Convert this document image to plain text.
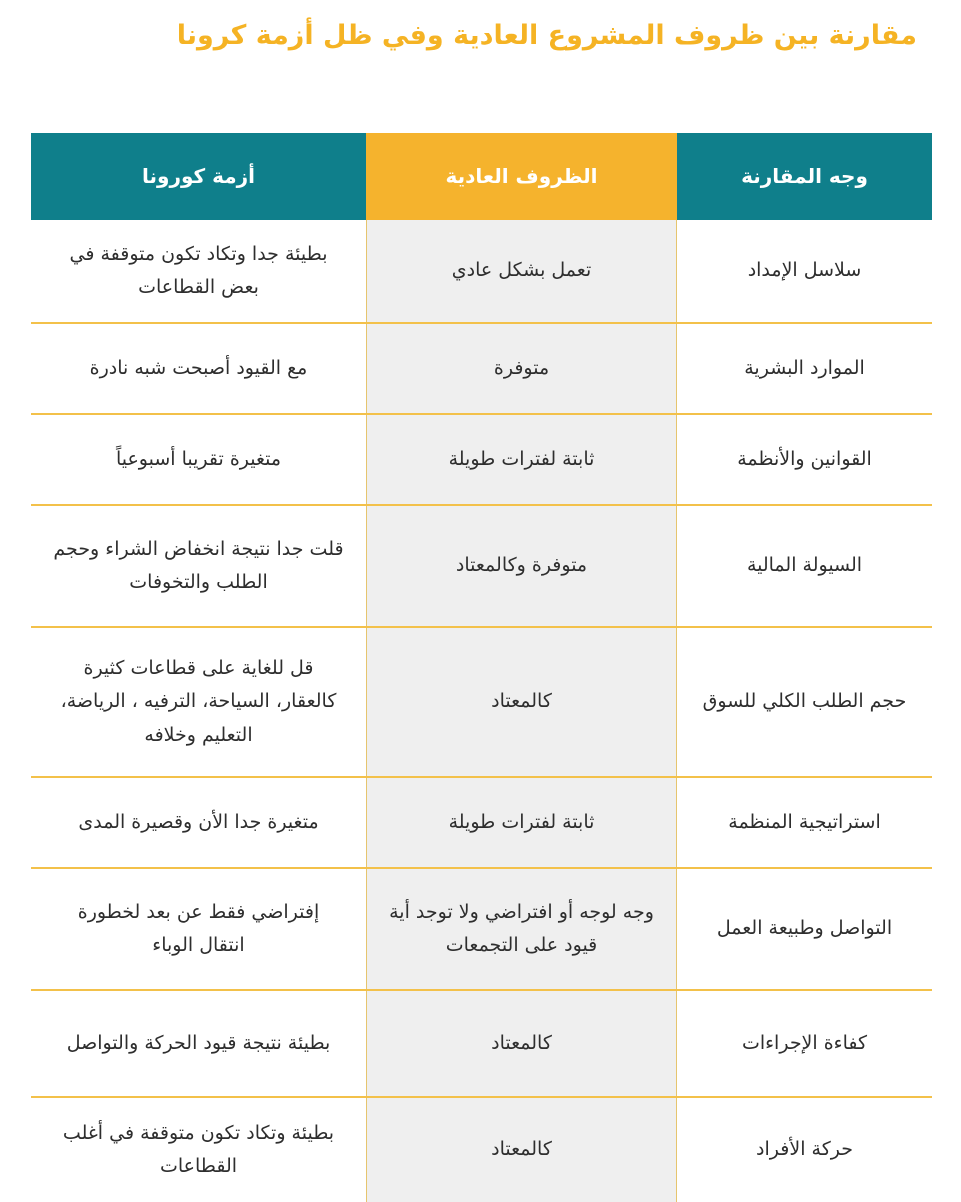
مقارنة بين ظروف المشروع العادية وفي ظل أزمة كرونا
وجه المقارنة
الظروف العادية
أزمة كورونا
سلاسل الإمداد
تعمل بشكل عادي
بطيئة جدا وتكاد تكون متوقفة في بعض القطاعات
الموارد البشرية
متوفرة
مع القيود أصبحت شبه نادرة
القوانين والأنظمة
ثابتة لفترات طويلة
متغيرة تقريبا أسبوعياً
السيولة المالية
متوفرة وكالمعتاد
قلت جدا نتيجة انخفاض الشراء وحجم الطلب والتخوفات
حجم الطلب الكلي للسوق
كالمعتاد
قل للغاية على قطاعات كثيرة كالعقار، السياحة، الترفيه ، الرياضة، التعليم وخلافه
استراتيجية المنظمة
ثابتة لفترات طويلة
متغيرة جدا الأن وقصيرة المدى
التواصل وطبيعة العمل
وجه لوجه أو افتراضي ولا توجد أية قيود على التجمعات
إفتراضي فقط عن بعد لخطورة انتقال الوباء
كفاءة الإجراءات
كالمعتاد
بطيئة نتيجة قيود الحركة والتواصل
حركة الأفراد
كالمعتاد
بطيئة وتكاد تكون متوقفة في أغلب القطاعات
